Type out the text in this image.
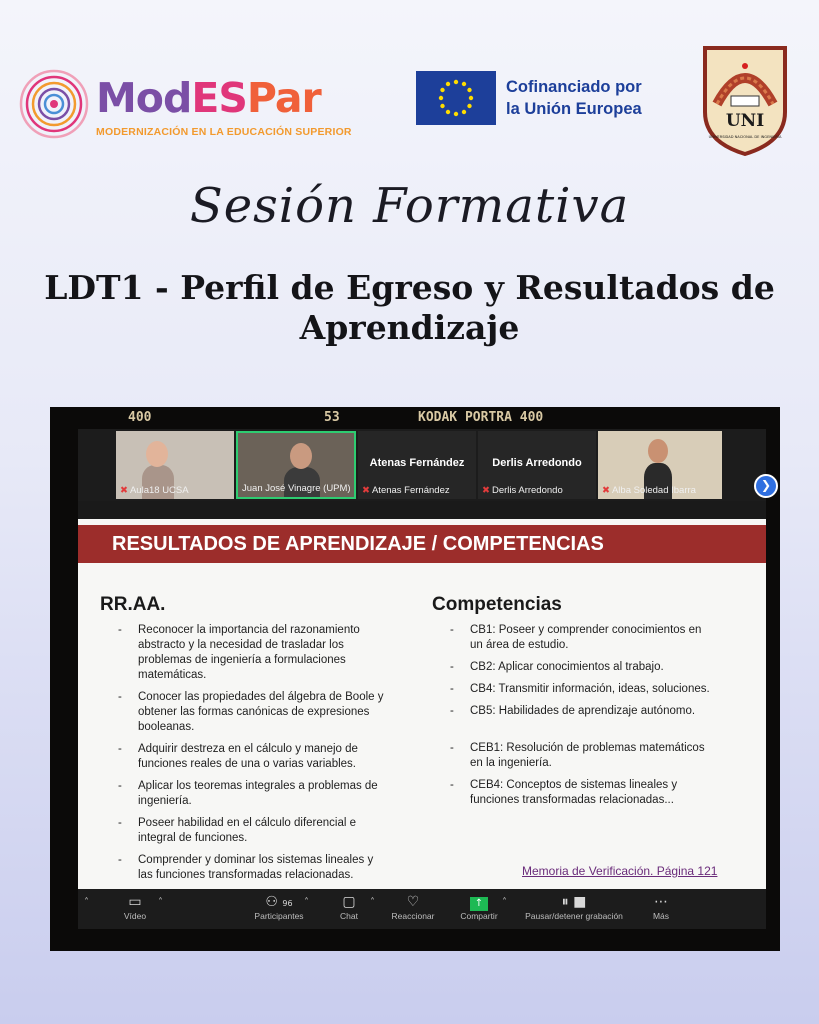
ModESPar
MODERNIZACIÓN EN LA EDUCACIÓN SUPERIOR
Cofinanciado por
la Unión Europea
UNI
UNIVERSIDAD NACIONAL DE INGENIERÍA
Sesión Formativa
LDT1 - Perfil de Egreso y Resultados de Aprendizaje
400	53	KODAK PORTRA 400
✖ Aula18 UCSA	Juan José Vinagre (UPM)
Atenas Fernández
✖ Atenas Fernández
Derlis Arredondo
✖ Derlis Arredondo	✖ Alba Soledad Ibarra	❯
RESULTADOS DE APRENDIZAJE / COMPETENCIAS
RR.AA.
- Reconocer la importancia del razonamiento abstracto y la necesidad de trasladar los problemas de ingeniería a formulaciones matemáticas.
- Conocer las propiedades del álgebra de Boole y obtener las formas canónicas de expresiones booleanas.
- Adquirir destreza en el cálculo y manejo de funciones reales de una o varias variables.
- Aplicar los teoremas integrales a problemas de ingeniería.
- Poseer habilidad en el cálculo diferencial e integral de funciones.
- Comprender y dominar los sistemas lineales y las funciones transformadas relacionadas.
Competencias
- CB1: Poseer y comprender conocimientos en un área de estudio.
- CB2: Aplicar conocimientos al trabajo.
- CB4: Transmitir información, ideas, soluciones.
- CB5: Habilidades de aprendizaje autónomo.
- CEB1: Resolución de problemas matemáticos en la ingeniería.
- CEB4: Conceptos de sistemas lineales y funciones transformadas relacionadas...
Memoria de Verificación. Página 121
˄	▭
Vídeo
˄	⚇ 96
Participantes
˄	▢
Chat
˄	♡
Reaccionar
↑
Compartir
˄	⏸ ■
Pausar/detener grabación
⋯
Más
